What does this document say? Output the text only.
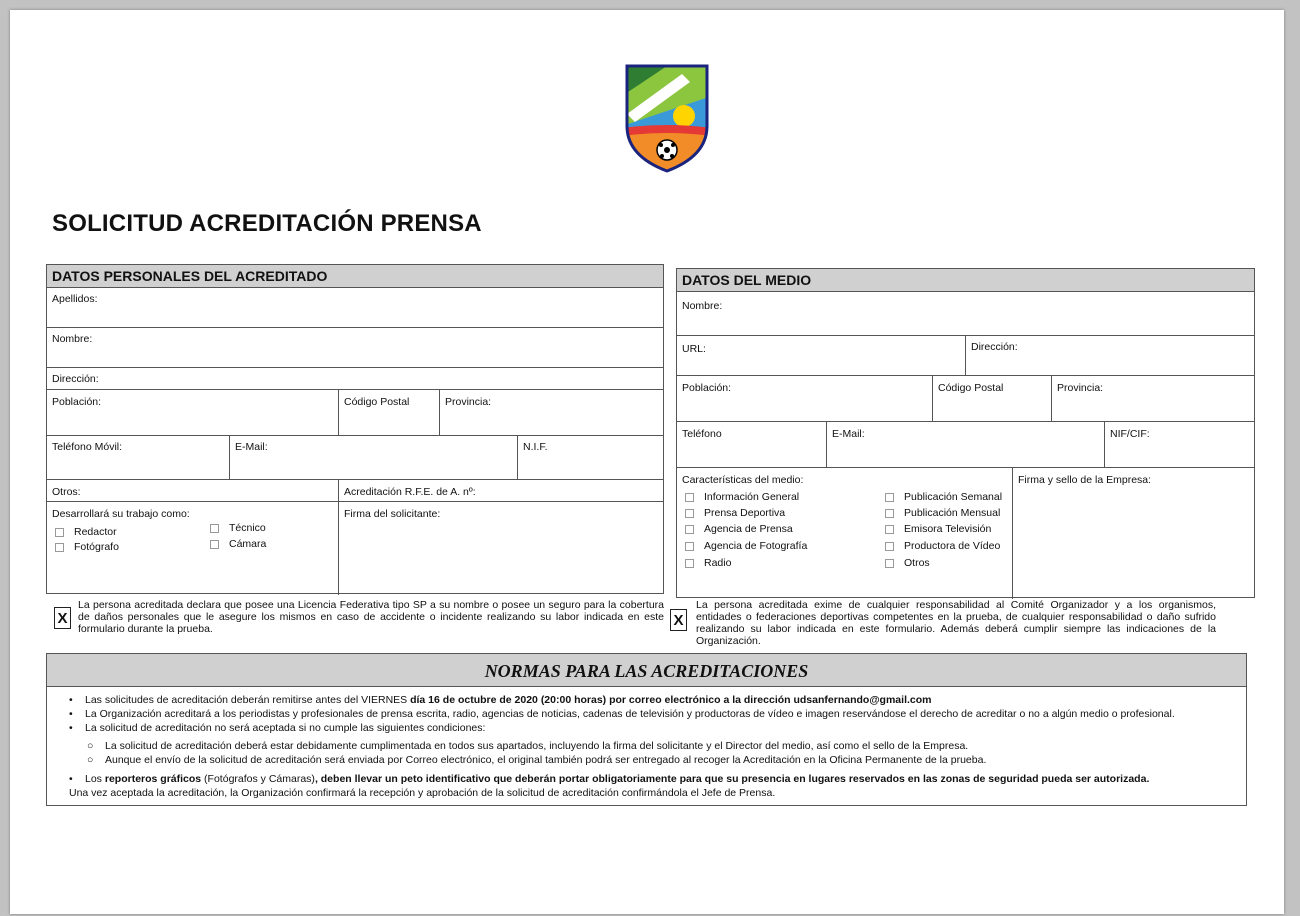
SOLICITUD ACREDITACIÓN PRENSA
DATOS PERSONALES DEL ACREDITADO
Apellidos:
Nombre:
Dirección:
Población:	Código Postal	Provincia:
Teléfono Móvil:	E-Mail:	N.I.F.
Otros:	Acreditación R.F.E. de A. nº:
Desarrollará su trabajo como:
Redactor
Fotógrafo
Técnico
Cámara
Firma del solicitante:
DATOS DEL MEDIO
Nombre:
URL:	Dirección:
Población:	Código Postal	Provincia:
Teléfono	E-Mail:	NIF/CIF:
Características del medio:	Firma y sello de la Empresa:
Información General
Prensa Deportiva
Agencia de Prensa
Agencia de Fotografía
Radio
Publicación Semanal
Publicación Mensual
Emisora Televisión
Productora de Vídeo
Otros
X
La persona acreditada declara que posee una Licencia Federativa tipo SP a su nombre o posee un seguro para la cobertura de daños personales que le asegure los mismos en caso de accidente o incidente realizando su labor indicada en este formulario durante la prueba.
X
La persona acreditada exime de cualquier responsabilidad al Comité Organizador y a los organismos, entidades o federaciones deportivas competentes en la prueba, de cualquier responsabilidad o daño sufrido realizando su labor indicada en este formulario. Además deberá cumplir siempre las indicaciones de la Organización.
NORMAS PARA LAS ACREDITACIONES
• Las solicitudes de acreditación deberán remitirse antes del VIERNES día 16 de octubre de 2020 (20:00 horas) por correo electrónico a la dirección udsanfernando@gmail.com
• La Organización acreditará a los periodistas y profesionales de prensa escrita, radio, agencias de noticias, cadenas de televisión y productoras de vídeo e imagen reservándose el derecho de acreditar o no a algún medio o profesional.
• La solicitud de acreditación no será aceptada si no cumple las siguientes condiciones:
○ La solicitud de acreditación deberá estar debidamente cumplimentada en todos sus apartados, incluyendo la firma del solicitante y el Director del medio, así como el sello de la Empresa.
○ Aunque el envío de la solicitud de acreditación será enviada por Correo electrónico, el original también podrá ser entregado al recoger la Acreditación en la Oficina Permanente de la prueba.
• Los reporteros gráficos (Fotógrafos y Cámaras), deben llevar un peto identificativo que deberán portar obligatoriamente para que su presencia en lugares reservados en las zonas de seguridad pueda ser autorizada.
Una vez aceptada la acreditación, la Organización confirmará la recepción y aprobación de la solicitud de acreditación confirmándola el Jefe de Prensa.
